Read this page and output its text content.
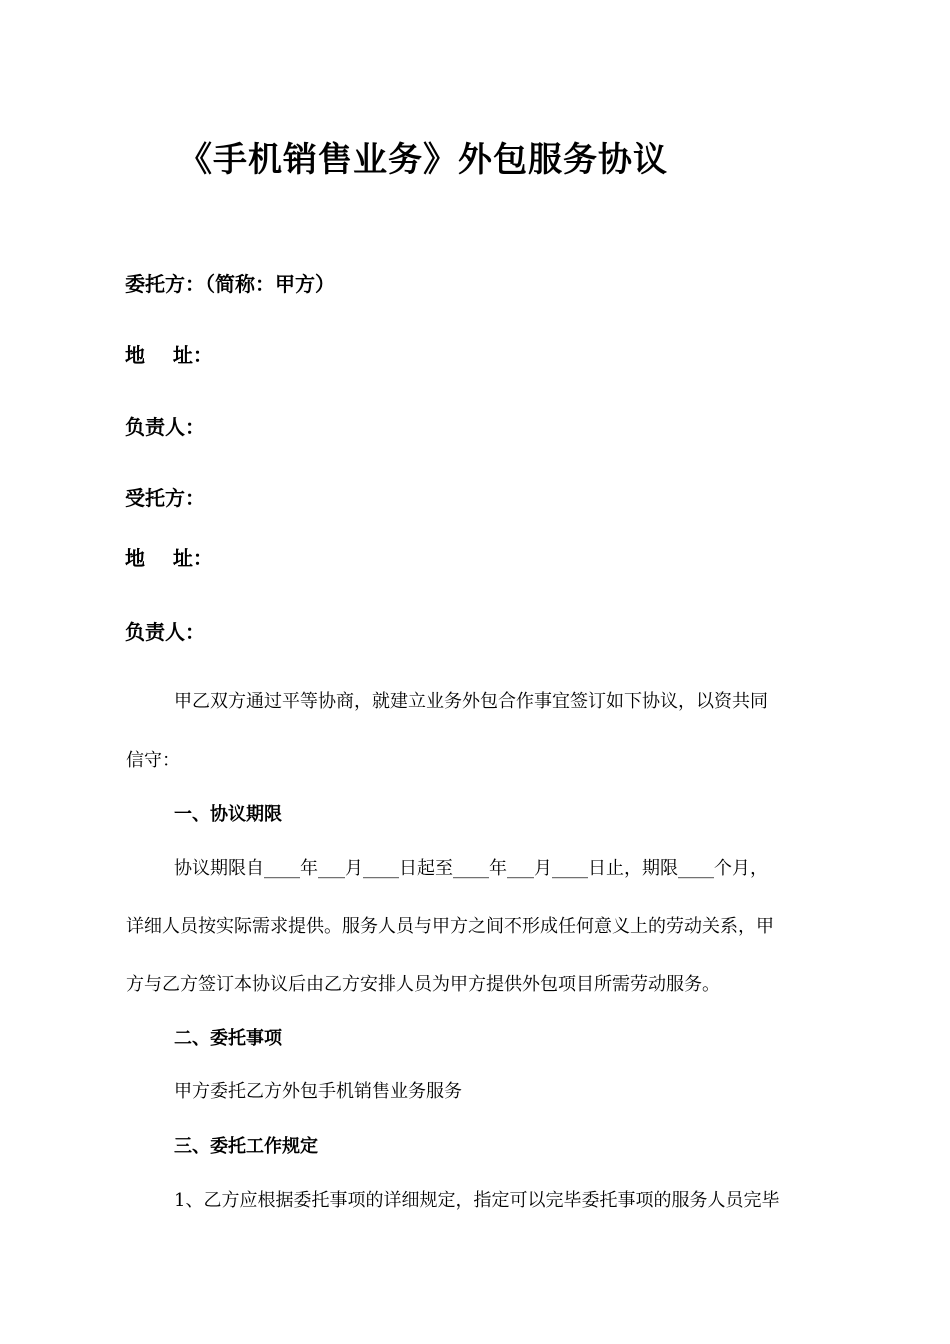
《手机销售业务》外包服务协议
委托方：（简称：甲方）
地    址：
负责人：
受托方：
地    址：
负责人：
甲乙双方通过平等协商，就建立业务外包合作事宜签订如下协议，以资共同
信守：
一、协议期限
协议期限自____年___月____日起至____年___月____日止，期限____个月，
详细人员按实际需求提供。服务人员与甲方之间不形成任何意义上的劳动关系，甲
方与乙方签订本协议后由乙方安排人员为甲方提供外包项目所需劳动服务。
二、委托事项
甲方委托乙方外包手机销售业务服务
三、委托工作规定
1、乙方应根据委托事项的详细规定，指定可以完毕委托事项的服务人员完毕
